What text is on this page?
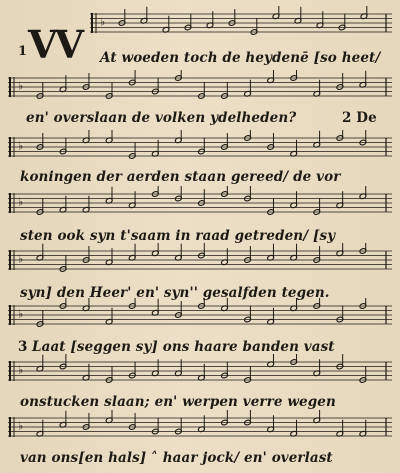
1 VV ♭
At woeden toch de heydenē [so heet/
♭
en' overslaan de volken ydelheden?	2 De
♭
koningen der aerden staan gereed/ de vor
♭
sten ook syn t'saam in raad getreden/ [sy
♭
syn] den Heer' en' syn'' gesalfden tegen.
♭
3 Laat [seggen sy] ons haare banden vast
♭
onstucken slaan; en' werpen verre wegen
♭
van ons[en hals] ˄ haar jock/ en' overlast
